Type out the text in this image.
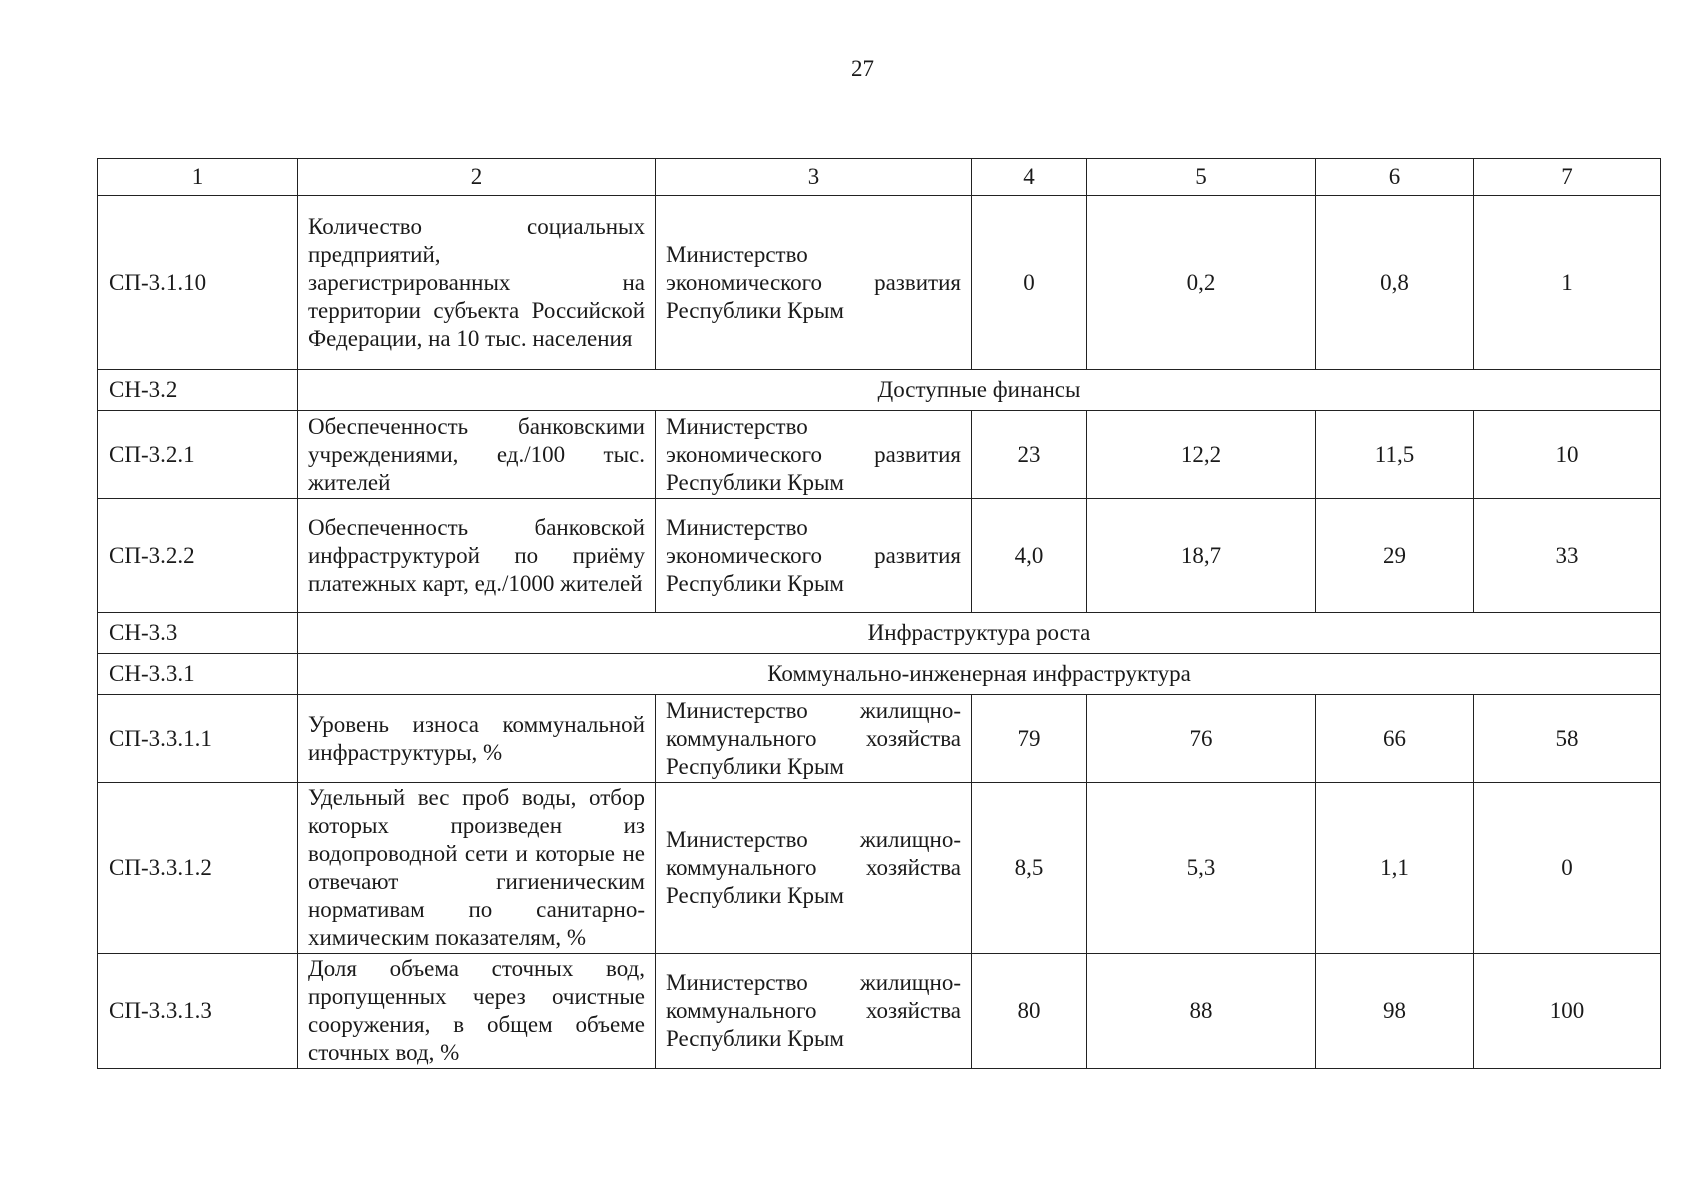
27
1	2	3	4	5	6	7
СП-3.1.10	Количество социальных предприятий, зарегистрированных на территории субъекта Российской Федерации, на 10 тыс. населения	Министерство экономического развития Республики Крым	0	0,2	0,8	1
СН-3.2	Доступные финансы					
СП-3.2.1	Обеспеченность банковскими учреждениями, ед./100 тыс. жителей	Министерство экономического развития Республики Крым	23	12,2	11,5	10
СП-3.2.2	Обеспеченность банковской инфраструктурой по приёму платежных карт, ед./1000 жителей	Министерство экономического развития Республики Крым	4,0	18,7	29	33
СН-3.3	Инфраструктура роста					
СН-3.3.1	Коммунально-инженерная инфраструктура					
СП-3.3.1.1	Уровень износа коммунальной инфраструктуры, %	Министерство жилищно-коммунального хозяйства Республики Крым	79	76	66	58
СП-3.3.1.2	Удельный вес проб воды, отбор которых произведен из водопроводной сети и которые не отвечают гигиеническим нормативам по санитарно-химическим показателям, %	Министерство жилищно-коммунального хозяйства Республики Крым	8,5	5,3	1,1	0
СП-3.3.1.3	Доля объема сточных вод, пропущенных через очистные сооружения, в общем объеме сточных вод, %	Министерство жилищно-коммунального хозяйства Республики Крым	80	88	98	100
